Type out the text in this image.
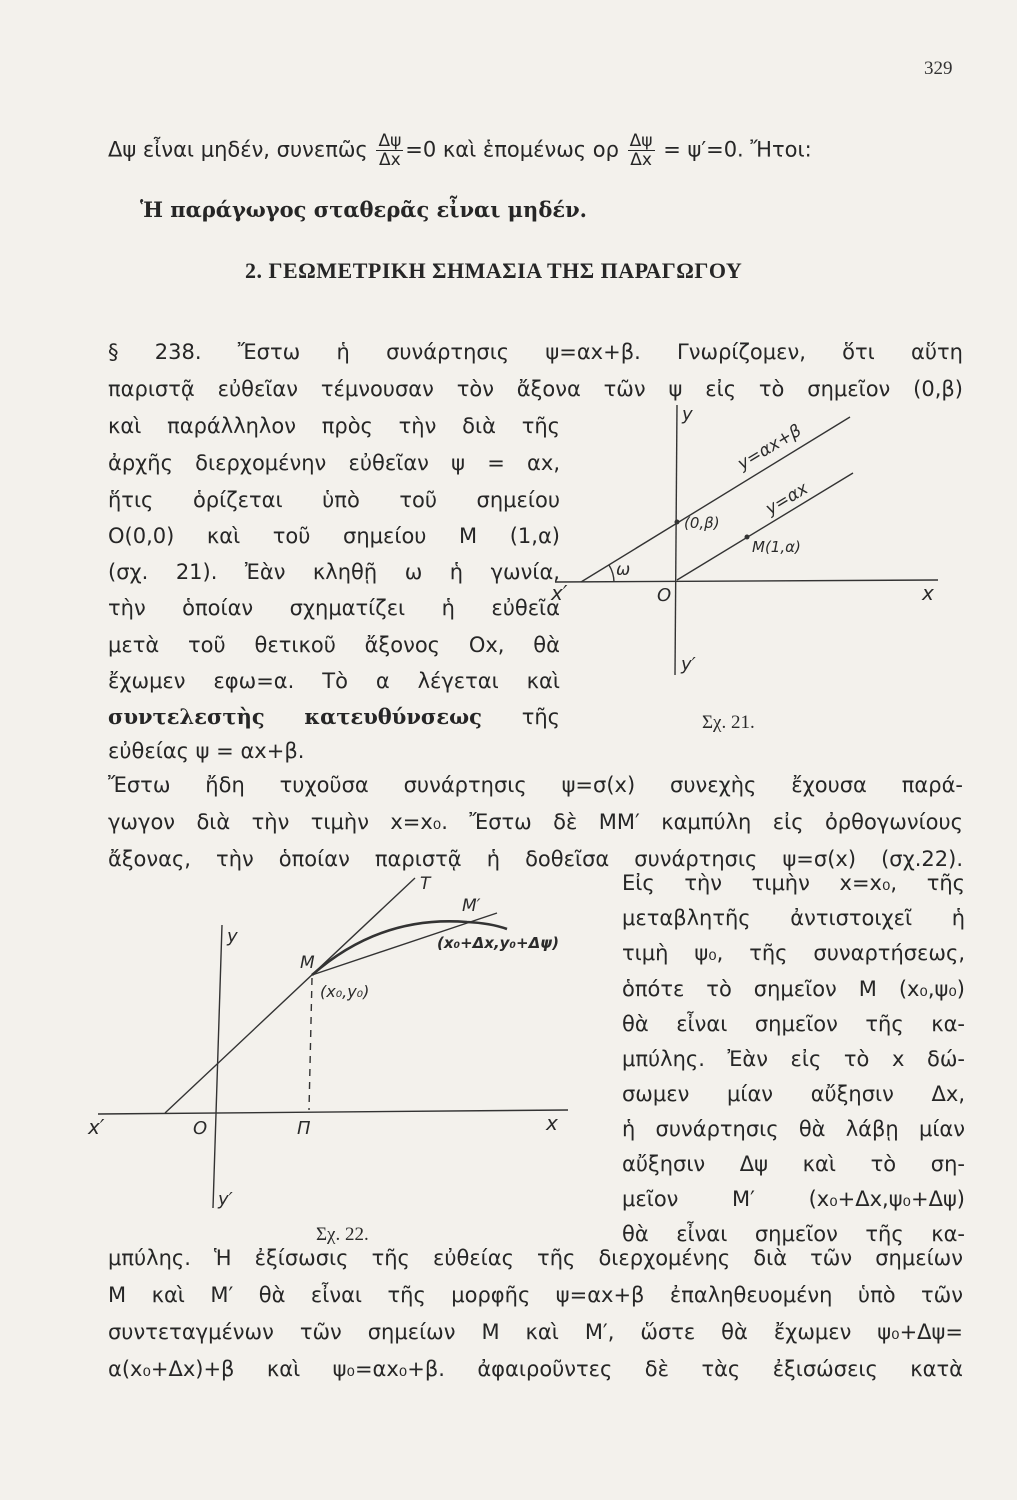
329
Δψ εἶναι μηδέν, συνεπῶς $\frac{\Delta\psi}{\Delta x} =0$ καὶ ἑπομένως ορ $\frac{\Delta\psi}{\Delta x} = \psi'=0$. Ἤτοι:
Ἡ παράγωγος σταθερᾶς εἶναι μηδέν.
2. ΓΕΩΜΕΤΡΙΚΗ ΣΗΜΑΣΙΑ ΤΗΣ ΠΑΡΑΓΩΓΟΥ
§ 238. Ἔστω ἡ συνάρτησις ψ=αx+β. Γνωρίζομεν, ὅτι αὕτη
παριστᾷ εὐθεῖαν τέμνουσαν τὸν ἄξονα τῶν ψ εἰς τὸ σημεῖον (0,β)
καὶ παράλληλον πρὸς τὴν διὰ τῆς
ἀρχῆς διερχομένην εὐθεῖαν ψ = αx,
ἥτις ὁρίζεται ὑπὸ τοῦ σημείου
O(0,0) καὶ τοῦ σημείου M (1,α)
(σχ. 21). Ἐὰν κληθῇ ω ἡ γωνία,
τὴν ὁποίαν σχηματίζει ἡ εὐθεῖα
μετὰ τοῦ θετικοῦ ἄξονος Ox, θὰ
ἔχωμεν εφω=α. Τὸ α λέγεται καὶ
συντελεστὴς κατευθύνσεως τῆς
εὐθείας ψ = αx+β.
Ἔστω ἤδη τυχοῦσα συνάρτησις ψ=σ(x) συνεχὴς ἔχουσα παρά-
γωγον διὰ τὴν τιμὴν x=x₀. Ἔστω δὲ MM′ καμπύλη εἰς ὀρθογωνίους
ἄξονας, τὴν ὁποίαν παριστᾷ ἡ δοθεῖσα συνάρτησις ψ=σ(x) (σχ.22).
Εἰς τὴν τιμὴν x=x₀, τῆς
μεταβλητῆς ἀντιστοιχεῖ ἡ
τιμὴ ψ₀, τῆς συναρτήσεως,
ὁπότε τὸ σημεῖον M (x₀,ψ₀)
θὰ εἶναι σημεῖον τῆς κα-
μπύλης. Ἐὰν εἰς τὸ x δώ-
σωμεν μίαν αὔξησιν Δx,
ἡ συνάρτησις θὰ λάβῃ μίαν
αὔξησιν Δψ καὶ τὸ ση-
μεῖον M′ (x₀+Δx,ψ₀+Δψ)
θὰ εἶναι σημεῖον τῆς κα-
μπύλης. Ἡ ἐξίσωσις τῆς εὐθείας τῆς διερχομένης διὰ τῶν σημείων
M καὶ M′ θὰ εἶναι τῆς μορφῆς ψ=αx+β ἐπαληθευομένη ὑπὸ τῶν
συντεταγμένων τῶν σημείων M καὶ M′, ὥστε θὰ ἔχωμεν ψ₀+Δψ=
α(x₀+Δx)+β καὶ ψ₀=αx₀+β. ἀφαιροῦντες δὲ τὰς ἐξισώσεις κατὰ
y
y′
x
x′	O
ω
(0,β)
M(1,α)
y=αx+β
y=αx
Σχ. 21.
y
y′
x
x′	O	Π
T
M
(x₀,y₀)
M′
(x₀+Δx,y₀+Δψ)
Σχ. 22.
